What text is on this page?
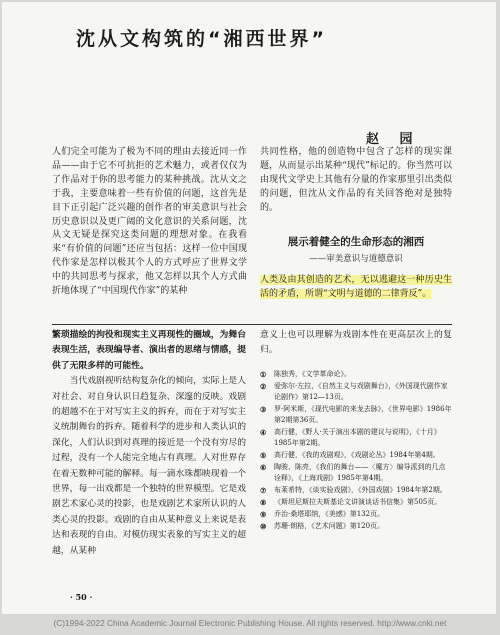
沈从文构筑的“湘西世界”
赵 园
人们完全可能为了极为不同的理由去接近同一作品——由于它不可抗拒的艺术魅力，或者仅仅为了作品对于你的思考能力的某种挑战。沈从文之于我，主要意味着一些有价值的问题，这首先是目下正引起广泛兴趣的创作者的审美意识与社会历史意识以及更广阔的文化意识的关系问题，沈从文无疑是探究这类问题的理想对象。在我看来“有价值的问题”还应当包括：这样一位中国现代作家是怎样以极其个人的方式呼应了世界文学中的共同思考与探求，他又怎样以其个人方式曲折地体现了“中国现代作家”的某种
共同性格，他的创造物中包含了怎样的现实课题，从而显示出某种“现代”标记的。你当然可以由现代文学史上其他有分量的作家那里引出类似的问题，但沈从文作品的有关回答绝对是独特的。
展示着健全的生命形态的湘西
——审美意识与道德意识
人类及由其创造的艺术，无以逃避这一种历史生活的矛盾，所谓“文明与道德的二律背反”。
繁琐描绘的拘役和现实主义再现性的圈域，为舞台表现生活，表现编导者、演出者的思绪与情感，提供了无限多样的可能性。
当代戏剧视听结构复杂化的倾向，实际上是人对社会、对自身认识日趋复杂、深邃的反映。戏剧的超越不在于对写实主义的拆弃，而在于对写实主义统制舞台的拆弃。随着科学的进步和人类认识的深化，人们认识到对真理的接近是一个没有穷尽的过程，没有一个人能完全地占有真理。人对世界存在着无数种可能的解释。每一滴水珠都映现着一个世界，每一出戏都是一个独特的世界模型。它是戏剧艺术家心灵的投影，也是戏剧艺术家所认识的人类心灵的投影。戏剧的自由从某种意义上来说是表达和表现的自由。对模仿现实表象的写实主义的超越，从某种
意义上也可以理解为戏剧本性在更高层次上的复归。
①	陈独秀，《文学革命论》。
②	爱弥尔·左拉，《自然主义与戏剧舞台》，《外国现代剧作家论剧作》第12—13页。
③	罗·阿米斯，《现代电影的来龙去脉》，《世界电影》1986年第2期第36页。
④	高行健，《野人·关于演出本剧的建议与说明》，《十月》1985年第2期。
⑤	高行健，《我的戏剧观》，《戏剧论丛》1984年第4期。
⑥	陶骏、陈亮，《我们的舞台——〈魔方〉编导派到的几点诠释》，《上海戏剧》1985年第4期。
⑦	布莱希特，《谈实验戏剧》，《外国戏剧》1984年第2期。
⑧	《斯坦尼斯拉夫斯基论文讲演谈话书信集》第505页。
⑨	乔治·桑塔耶纳，《美感》第132页。
⑩	苏珊·朗格，《艺术问题》第120页。
· 50 ·
(C)1994-2022 China Academic Journal Electronic Publishing House. All rights reserved. http://www.cnki.net
